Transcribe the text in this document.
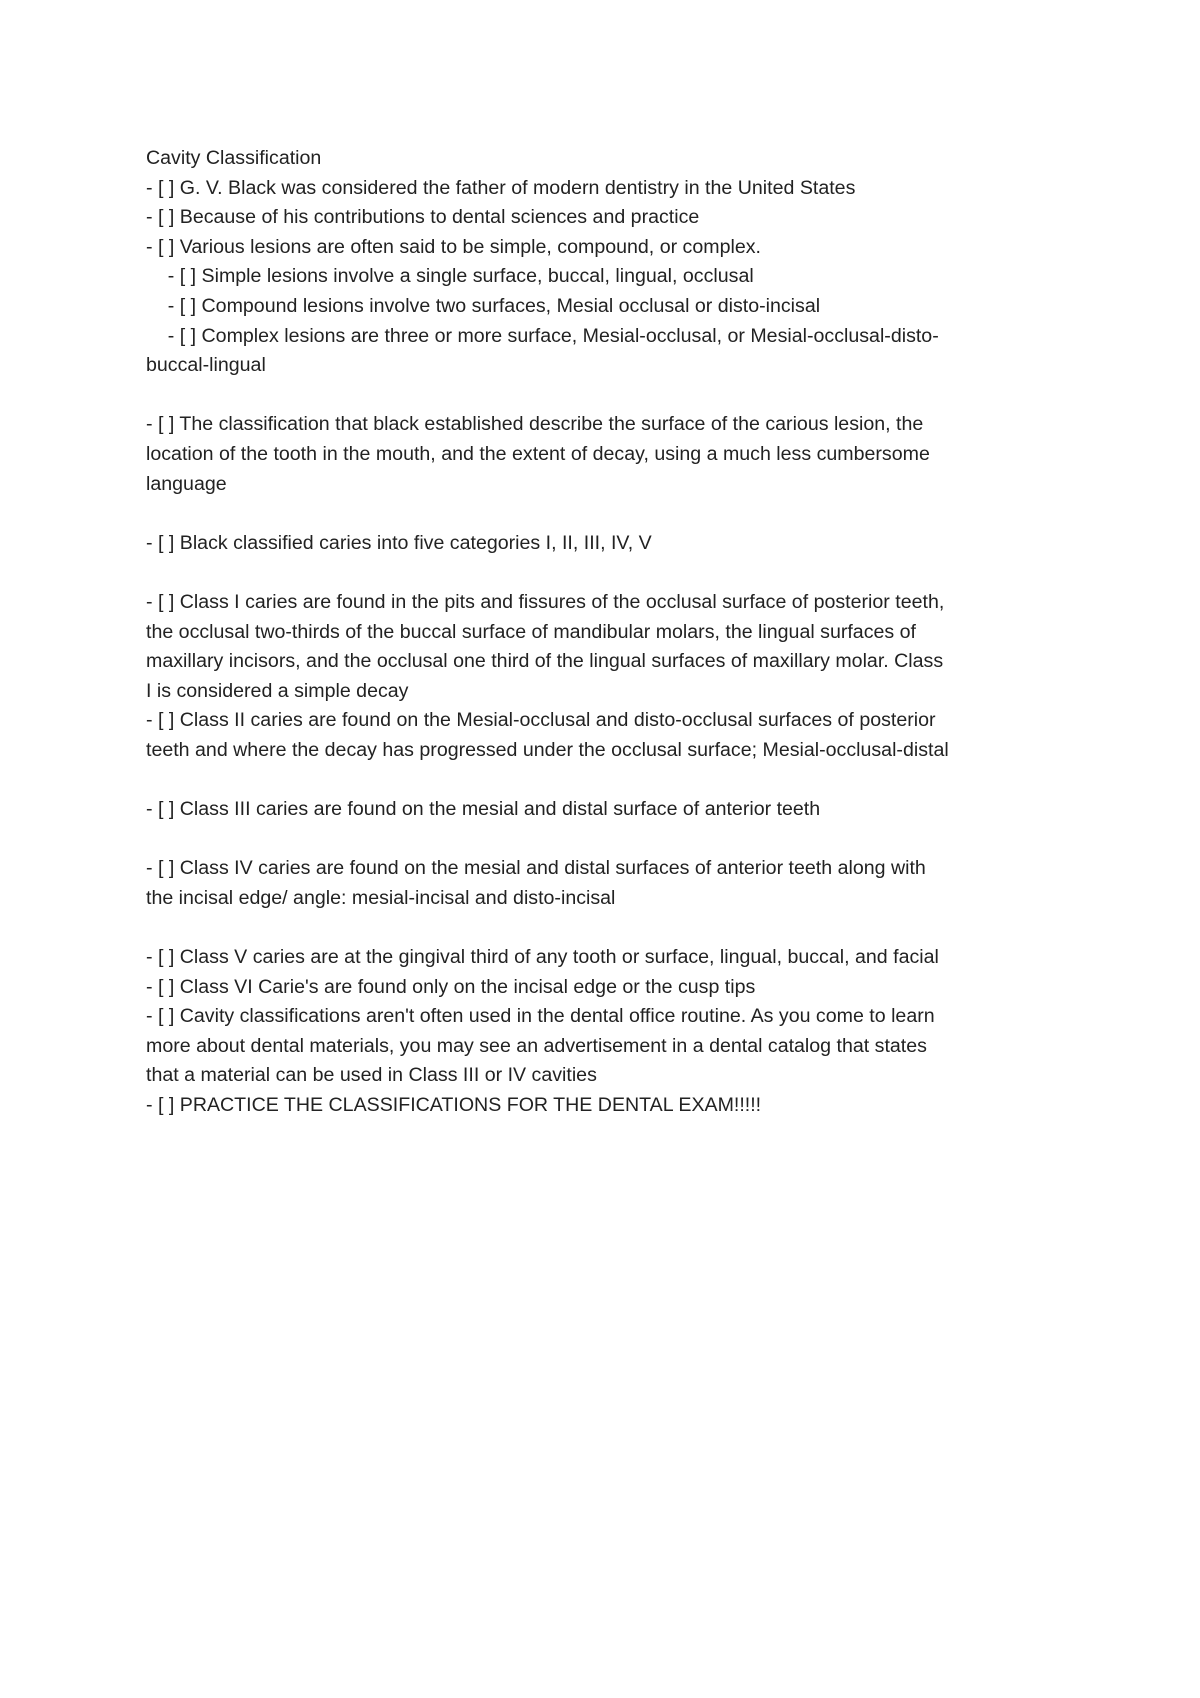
Cavity Classification
- [ ] G. V. Black was considered the father of modern dentistry in the United States
- [ ] Because of his contributions to dental sciences and practice
- [ ] Various lesions are often said to be simple, compound, or complex.
- [ ] Simple lesions involve a single surface, buccal, lingual, occlusal
- [ ] Compound lesions involve two surfaces, Mesial occlusal or disto-incisal
- [ ] Complex lesions are three or more surface, Mesial-occlusal, or Mesial-occlusal-disto-
buccal-lingual
- [ ] The classification that black established describe the surface of the carious lesion, the
location of the tooth in the mouth, and the extent of decay, using a much less cumbersome
language
- [ ] Black classified caries into five categories I, II, III, IV, V
- [ ] Class I caries are found in the pits and fissures of the occlusal surface of posterior teeth,
the occlusal two-thirds of the buccal surface of mandibular molars, the lingual surfaces of
maxillary incisors, and the occlusal one third of the lingual surfaces of maxillary molar. Class
I is considered a simple decay
- [ ] Class II caries are found on the Mesial-occlusal and disto-occlusal surfaces of posterior
teeth and where the decay has progressed under the occlusal surface; Mesial-occlusal-distal
- [ ] Class III caries are found on the mesial and distal surface of anterior teeth
- [ ] Class IV caries are found on the mesial and distal surfaces of anterior teeth along with
the incisal edge/ angle: mesial-incisal and disto-incisal
- [ ] Class V caries are at the gingival third of any tooth or surface, lingual, buccal, and facial
- [ ] Class VI Carie's are found only on the incisal edge or the cusp tips
- [ ] Cavity classifications aren't often used in the dental office routine. As you come to learn
more about dental materials, you may see an advertisement in a dental catalog that states
that a material can be used in Class III or IV cavities
- [ ] PRACTICE THE CLASSIFICATIONS FOR THE DENTAL EXAM!!!!!
